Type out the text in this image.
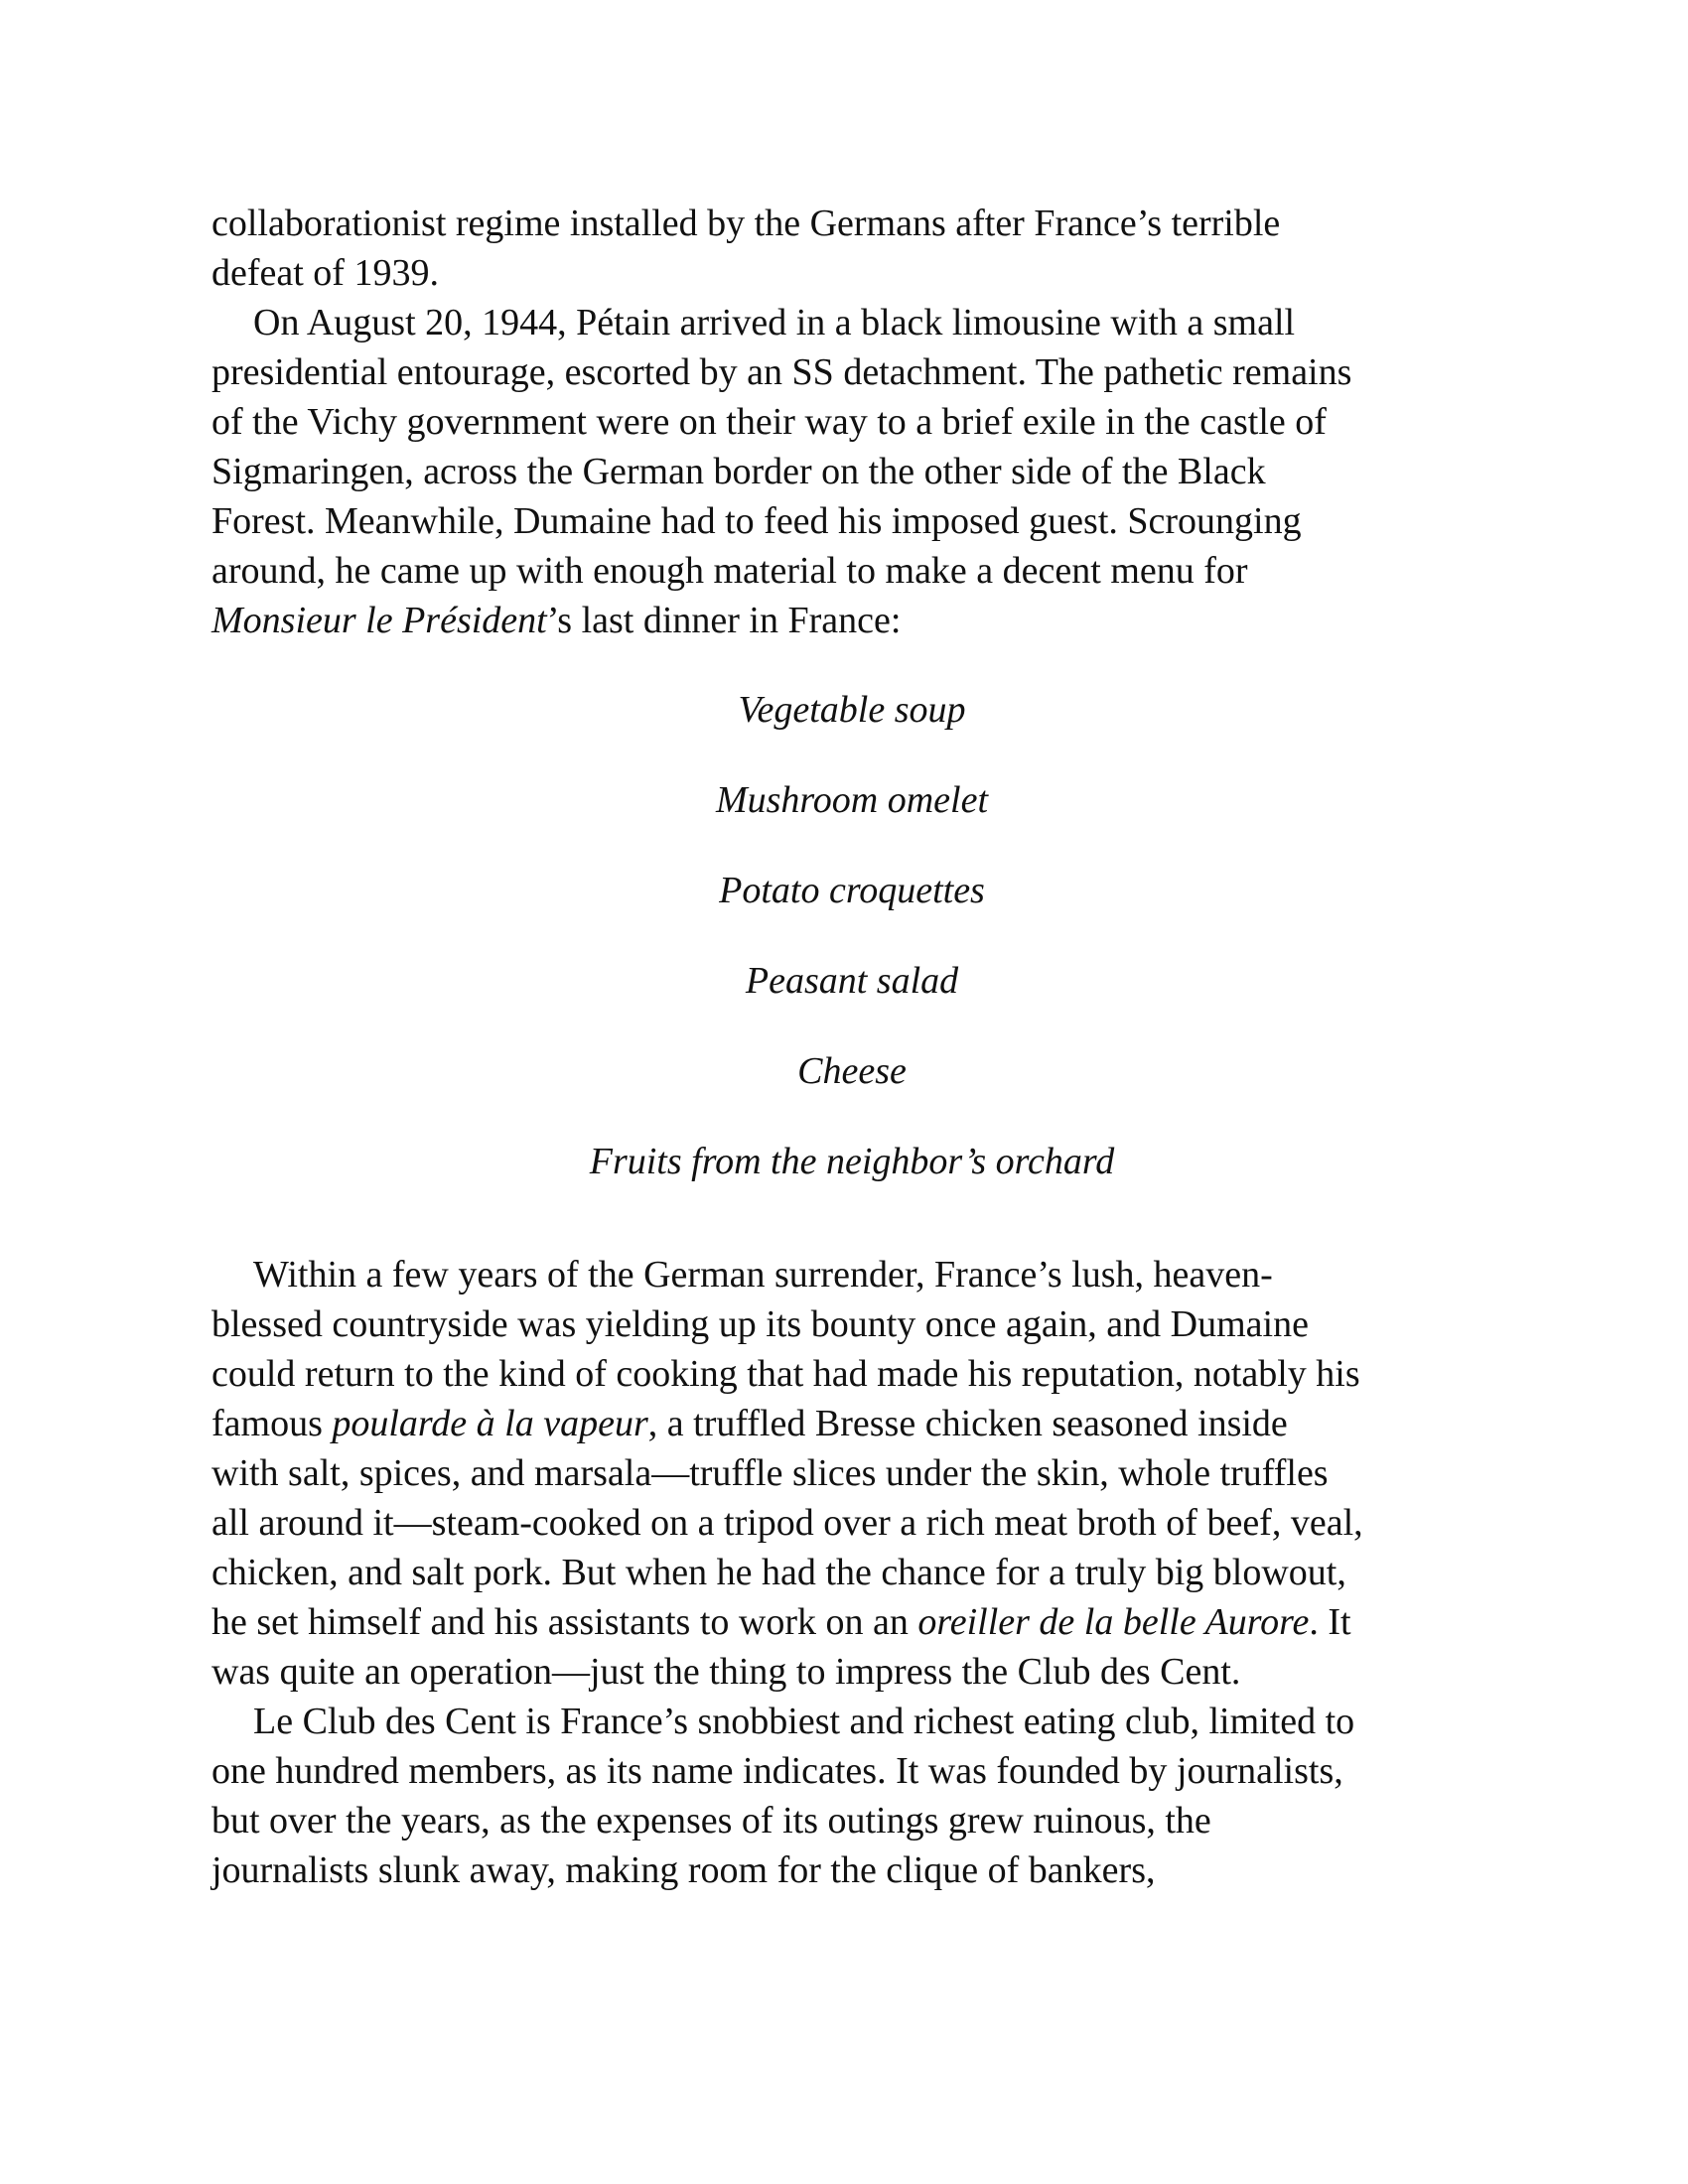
collaborationist regime installed by the Germans after France’s terrible
defeat of 1939.

On August 20, 1944, Pétain arrived in a black limousine with a small
presidential entourage, escorted by an SS detachment. The pathetic remains
of the Vichy government were on their way to a brief exile in the castle of
Sigmaringen, across the German border on the other side of the Black
Forest. Meanwhile, Dumaine had to feed his imposed guest. Scrounging
around, he came up with enough material to make a decent menu for
Monsieur le Président’s last dinner in France:

Vegetable soup
Mushroom omelet
Potato croquettes
Peasant salad
Cheese
Fruits from the neighbor’s orchard

Within a few years of the German surrender, France’s lush, heaven-
blessed countryside was yielding up its bounty once again, and Dumaine
could return to the kind of cooking that had made his reputation, notably his
famous poularde à la vapeur, a truffled Bresse chicken seasoned inside
with salt, spices, and marsala—truffle slices under the skin, whole truffles
all around it—steam-cooked on a tripod over a rich meat broth of beef, veal,
chicken, and salt pork. But when he had the chance for a truly big blowout,
he set himself and his assistants to work on an oreiller de la belle Aurore. It
was quite an operation—just the thing to impress the Club des Cent.

Le Club des Cent is France’s snobbiest and richest eating club, limited to
one hundred members, as its name indicates. It was founded by journalists,
but over the years, as the expenses of its outings grew ruinous, the
journalists slunk away, making room for the clique of bankers,
